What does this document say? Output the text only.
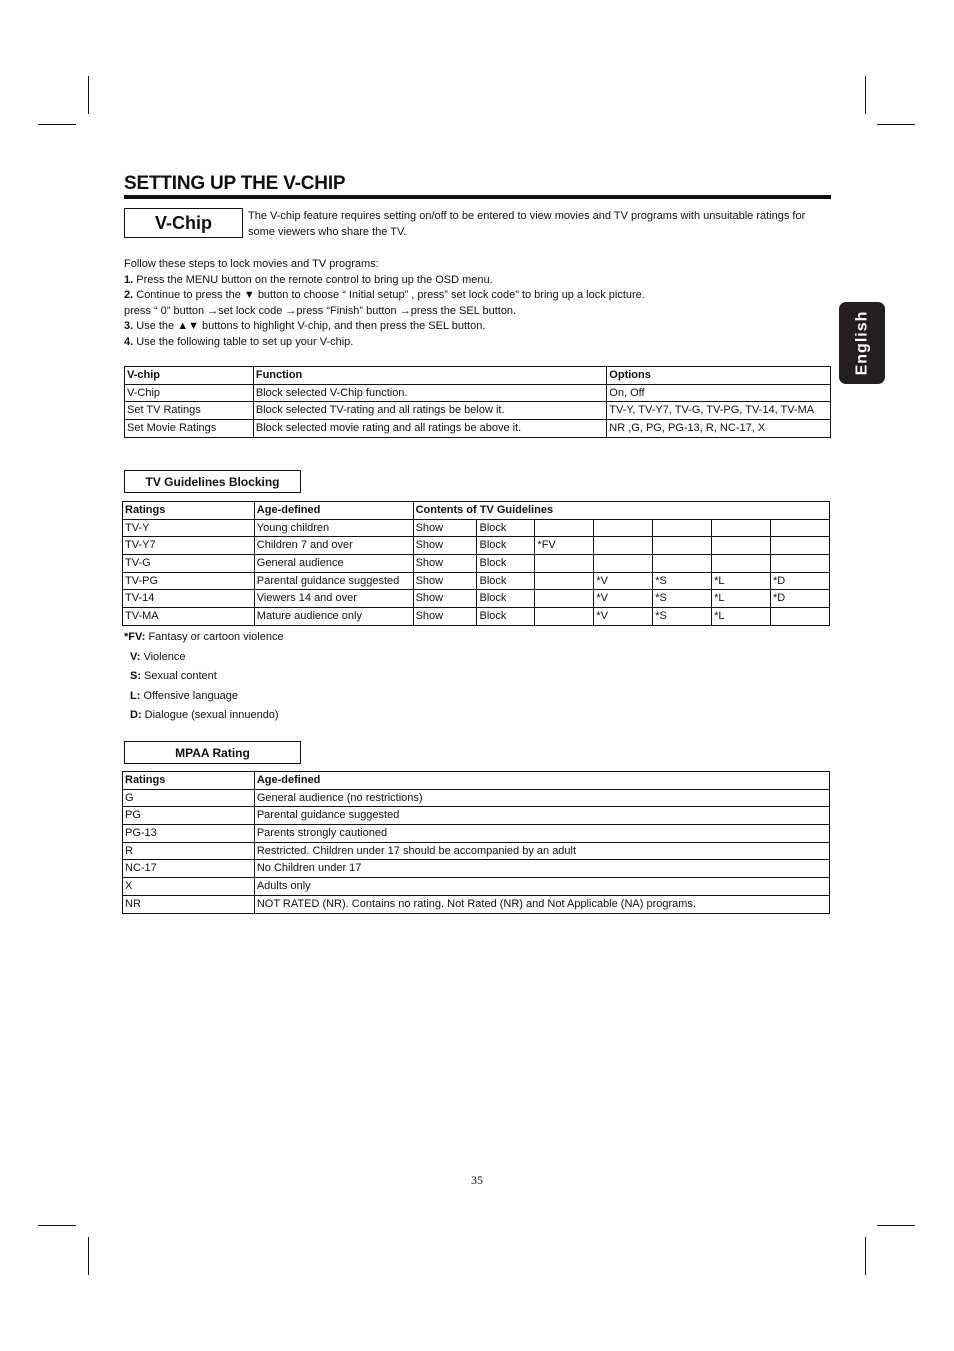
SETTING UP THE V-CHIP
V-Chip	The V-chip feature requires setting on/off to be entered to view movies and TV programs with unsuitable ratings for some viewers who share the TV.
English
Follow these steps to lock movies and TV programs:
1. Press the MENU button on the remote control to bring up the OSD menu.
2. Continue to press the ▼ button to choose “ Initial setup” , press” set lock code” to bring up a lock picture.
press “ 0” button →set lock code →press “Finish” button →press the SEL button.
3. Use the ▲▼ buttons to highlight V-chip, and then press the SEL button.
4. Use the following table to set up your V-chip.
V-chip	Function	Options
V-Chip	Block selected V-Chip function.	On, Off
Set TV Ratings	Block selected TV-rating and all ratings be below it.	TV-Y, TV-Y7, TV-G, TV-PG, TV-14, TV-MA
Set Movie Ratings	Block selected movie rating and all ratings be above it.	NR ,G, PG, PG-13, R, NC-17, X
TV Guidelines Blocking
Ratings	Age-defined	Contents of TV Guidelines						
TV-Y	Young children	Show	Block					
TV-Y7	Children 7 and over	Show	Block	*FV				
TV-G	General audience	Show	Block					
TV-PG	Parental guidance suggested	Show	Block		*V	*S	*L	*D
TV-14	Viewers 14 and over	Show	Block		*V	*S	*L	*D
TV-MA	Mature audience only	Show	Block		*V	*S	*L	
*FV: Fantasy or cartoon violence
V: Violence
S: Sexual content
L: Offensive language
D: Dialogue (sexual innuendo)
MPAA Rating
Ratings	Age-defined
G	General audience (no restrictions)
PG	Parental guidance suggested
PG-13	Parents strongly cautioned
R	Restricted. Children under 17 should be accompanied by an adult
NC-17	No Children under 17
X	Adults only
NR	NOT RATED (NR). Contains no rating. Not Rated (NR) and Not Applicable (NA) programs.
35
